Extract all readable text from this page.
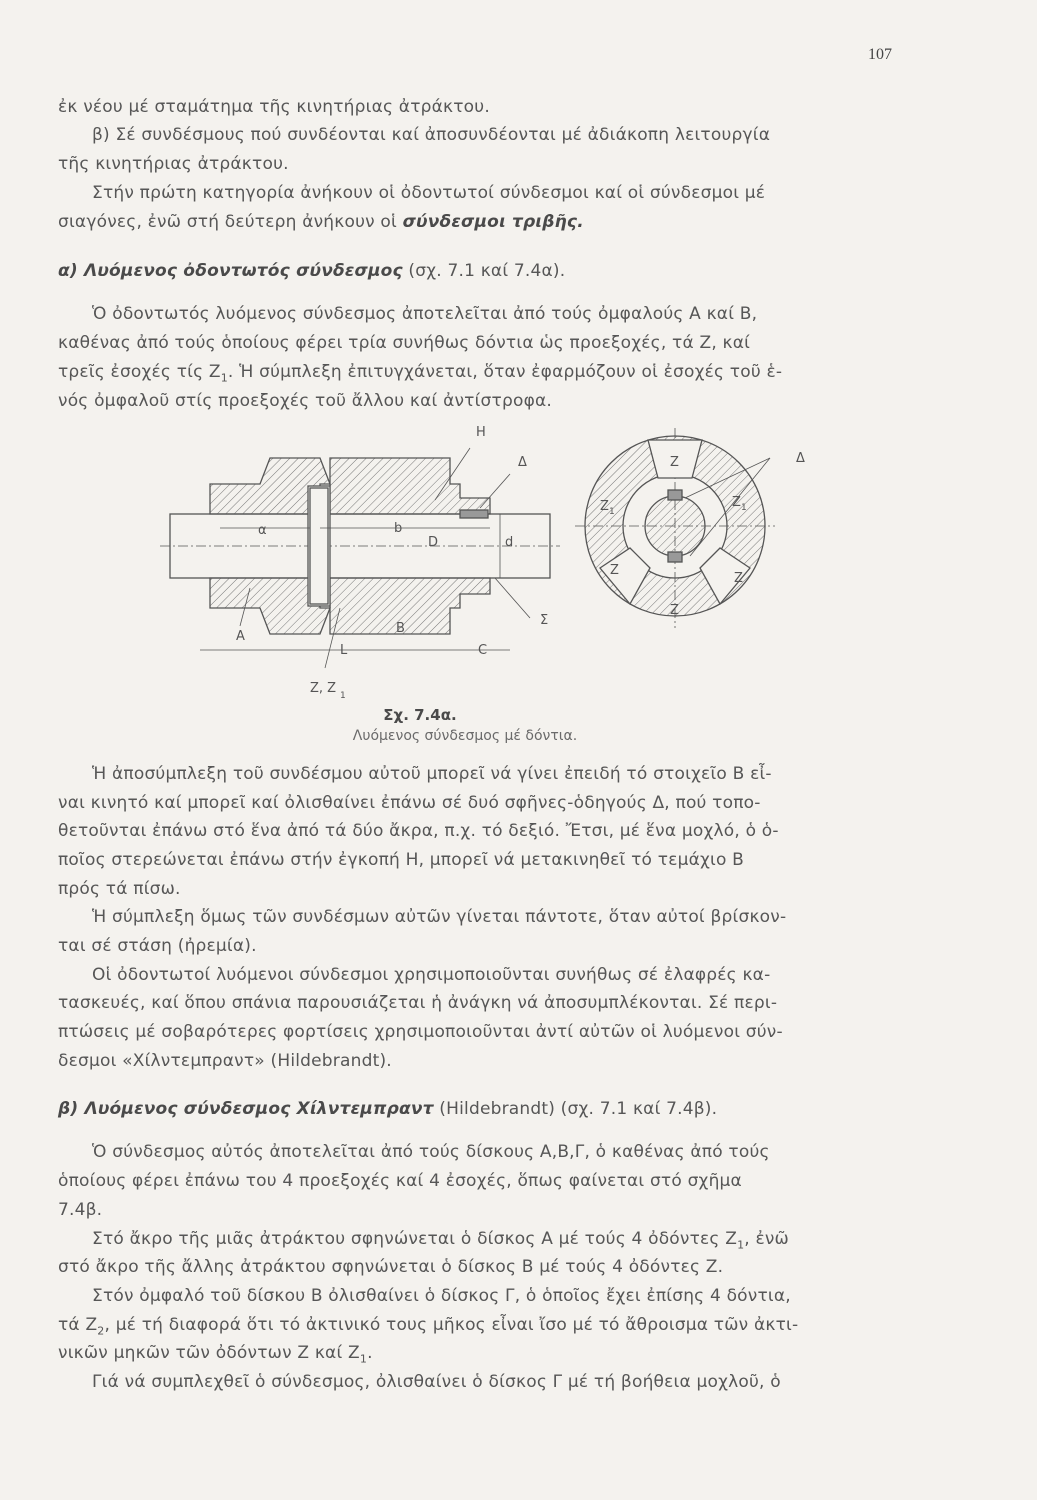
107
ἐκ νέου μέ σταμάτημα τῆς κινητήριας ἀτράκτου.
β) Σέ συνδέσμους πού συνδέονται καί ἀποσυνδέονται μέ ἀδιάκοπη λειτουργία
τῆς κινητήριας ἀτράκτου.
Στήν πρώτη κατηγορία ἀνήκουν οἱ ὀδοντωτοί σύνδεσμοι καί οἱ σύνδεσμοι μέ
σιαγόνες, ἐνῶ στή δεύτερη ἀνήκουν οἱ σύνδεσμοι τριβῆς.
α) Λυόμενος ὀδοντωτός σύνδεσμος (σχ. 7.1 καί 7.4α).
Ὁ ὀδοντωτός λυόμενος σύνδεσμος ἀποτελεῖται ἀπό τούς ὀμφαλούς Α καί Β,
καθένας ἀπό τούς ὁποίους φέρει τρία συνήθως δόντια ὡς προεξοχές, τά Ζ, καί
τρεῖς ἐσοχές τίς $Z_1$. Ἡ σύμπλεξη ἐπιτυγχάνεται, ὅταν ἐφαρμόζουν οἱ ἐσοχές τοῦ ἑ-
νός ὀμφαλοῦ στίς προεξοχές τοῦ ἄλλου καί ἀντίστροφα.
Η
Δ
α	b
D	d
Α
Β
L	C
Σ
Ζ, Ζ 1
Δ
Ζ
Ζ 1
Ζ 1
Ζ
Ζ
Ζ
Σχ. 7.4α.
Λυόμενος σύνδεσμος μέ δόντια.
Ἡ ἀποσύμπλεξη τοῦ συνδέσμου αὐτοῦ μπορεῖ νά γίνει ἐπειδή τό στοιχεῖο Β εἶ-
ναι κινητό καί μπορεῖ καί ὀλισθαίνει ἐπάνω σέ δυό σφῆνες-ὁδηγούς Δ, πού τοπο-
θετοῦνται ἐπάνω στό ἕνα ἀπό τά δύο ἄκρα, π.χ. τό δεξιό. Ἔτσι, μέ ἕνα μοχλό, ὁ ὁ-
ποῖος στερεώνεται ἐπάνω στήν ἐγκοπή Η, μπορεῖ νά μετακινηθεῖ τό τεμάχιο Β
πρός τά πίσω.
Ἡ σύμπλεξη ὅμως τῶν συνδέσμων αὐτῶν γίνεται πάντοτε, ὅταν αὐτοί βρίσκον-
ται σέ στάση (ἠρεμία).
Οἱ ὀδοντωτοί λυόμενοι σύνδεσμοι χρησιμοποιοῦνται συνήθως σέ ἐλαφρές κα-
τασκευές, καί ὅπου σπάνια παρουσιάζεται ἡ ἀνάγκη νά ἀποσυμπλέκονται. Σέ περι-
πτώσεις μέ σοβαρότερες φορτίσεις χρησιμοποιοῦνται ἀντί αὐτῶν οἱ λυόμενοι σύν-
δεσμοι «Χίλντεμπραντ» (Hildebrandt).
β) Λυόμενος σύνδεσμος Χίλντεμπραντ (Hildebrandt) (σχ. 7.1 καί 7.4β).
Ὁ σύνδεσμος αὐτός ἀποτελεῖται ἀπό τούς δίσκους Α,Β,Γ, ὁ καθένας ἀπό τούς
ὁποίους φέρει ἐπάνω του 4 προεξοχές καί 4 ἐσοχές, ὅπως φαίνεται στό σχῆμα
7.4β.
Στό ἄκρο τῆς μιᾶς ἀτράκτου σφηνώνεται ὁ δίσκος Α μέ τούς 4 ὀδόντες $Z_1$, ἐνῶ
στό ἄκρο τῆς ἄλλης ἀτράκτου σφηνώνεται ὁ δίσκος Β μέ τούς 4 ὀδόντες Ζ.
Στόν ὀμφαλό τοῦ δίσκου Β ὀλισθαίνει ὁ δίσκος Γ, ὁ ὁποῖος ἔχει ἐπίσης 4 δόντια,
τά $Z_2$, μέ τή διαφορά ὅτι τό ἀκτινικό τους μῆκος εἶναι ἴσο μέ τό ἄθροισμα τῶν ἀκτι-
νικῶν μηκῶν τῶν ὀδόντων Ζ καί $Z_1$.
Γιά νά συμπλεχθεῖ ὁ σύνδεσμος, ὀλισθαίνει ὁ δίσκος Γ μέ τή βοήθεια μοχλοῦ, ὁ
